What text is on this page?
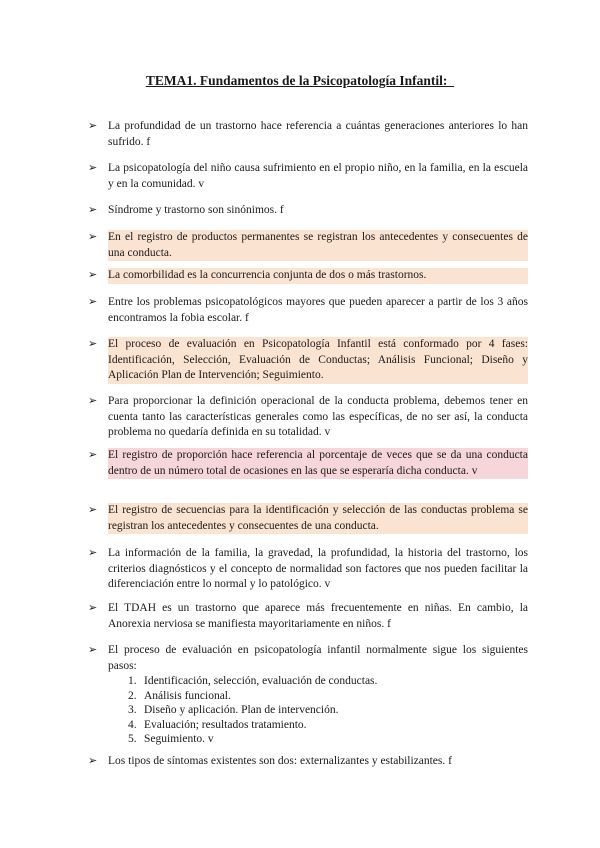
TEMA1. Fundamentos de la Psicopatología Infantil:
➢ La profundidad de un trastorno hace referencia a cuántas generaciones anteriores lo han sufrido. f
➢ La psicopatología del niño causa sufrimiento en el propio niño, en la familia, en la escuela y en la comunidad. v
➢ Síndrome y trastorno son sinónimos. f
➢ En el registro de productos permanentes se registran los antecedentes y consecuentes de una conducta.
➢ La comorbilidad es la concurrencia conjunta de dos o más trastornos.
➢ Entre los problemas psicopatológicos mayores que pueden aparecer a partir de los 3 años encontramos la fobia escolar. f
➢ El proceso de evaluación en Psicopatología Infantil está conformado por 4 fases: Identificación, Selección, Evaluación de Conductas; Análisis Funcional; Diseño y Aplicación Plan de Intervención; Seguimiento.
➢ Para proporcionar la definición operacional de la conducta problema, debemos tener en cuenta tanto las características generales como las específicas, de no ser así, la conducta problema no quedaría definida en su totalidad. v
➢ El registro de proporción hace referencia al porcentaje de veces que se da una conducta dentro de un número total de ocasiones en las que se esperaría dicha conducta. v
➢ El registro de secuencias para la identificación y selección de las conductas problema se registran los antecedentes y consecuentes de una conducta.
➢ La información de la familia, la gravedad, la profundidad, la historia del trastorno, los criterios diagnósticos y el concepto de normalidad son factores que nos pueden facilitar la diferenciación entre lo normal y lo patológico. v
➢ El TDAH es un trastorno que aparece más frecuentemente en niñas. En cambio, la Anorexia nerviosa se manifiesta mayoritariamente en niños. f
➢ El proceso de evaluación en psicopatología infantil normalmente sigue los siguientes pasos:
1. Identificación, selección, evaluación de conductas.
2. Análisis funcional.
3. Diseño y aplicación. Plan de intervención.
4. Evaluación; resultados tratamiento.
5. Seguimiento. v
➢ Los tipos de síntomas existentes son dos: externalizantes y estabilizantes. f
